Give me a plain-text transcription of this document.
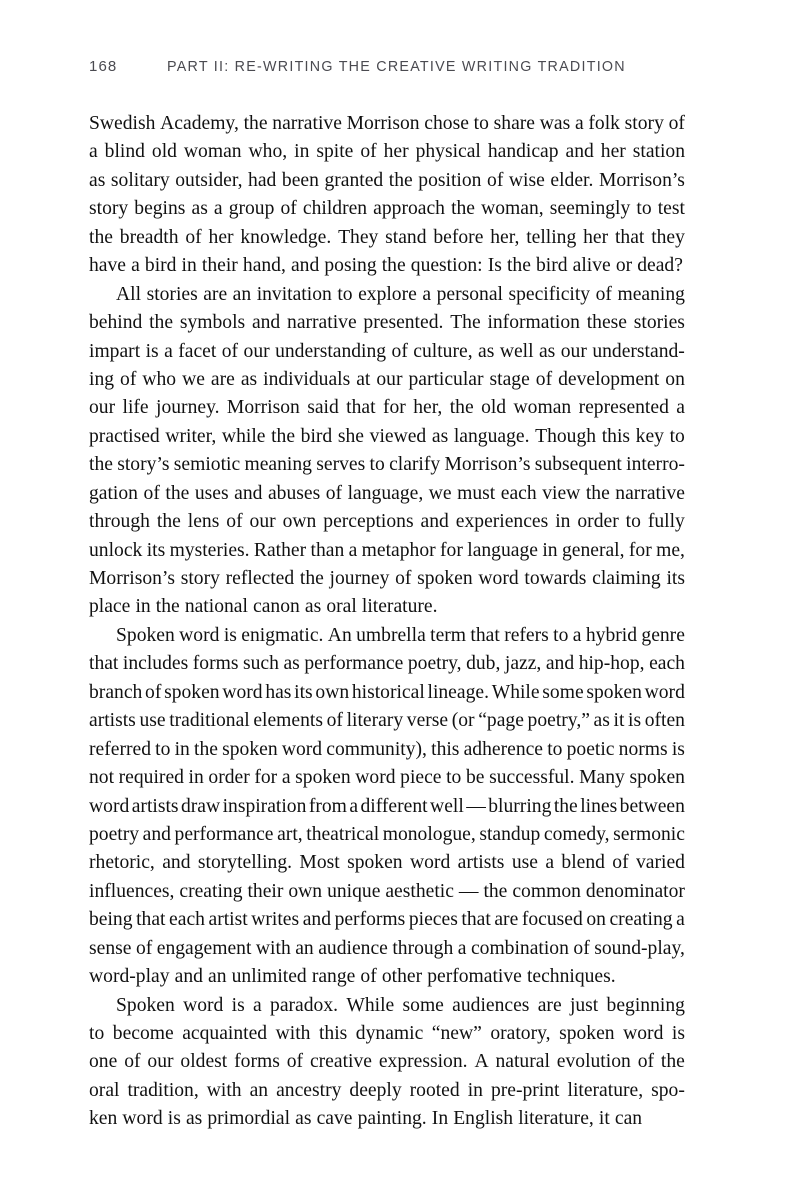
168	PART II: RE-WRITING THE CREATIVE WRITING TRADITION
Swedish Academy, the narrative Morrison chose to share was a folk story of
a blind old woman who, in spite of her physical handicap and her station
as solitary outsider, had been granted the position of wise elder. Morrison’s
story begins as a group of children approach the woman, seemingly to test
the breadth of her knowledge. They stand before her, telling her that they
have a bird in their hand, and posing the question: Is the bird alive or dead?
All stories are an invitation to explore a personal specificity of meaning
behind the symbols and narrative presented. The information these stories
impart is a facet of our understanding of culture, as well as our understand-
ing of who we are as individuals at our particular stage of development on
our life journey. Morrison said that for her, the old woman represented a
practised writer, while the bird she viewed as language. Though this key to
the story’s semiotic meaning serves to clarify Morrison’s subsequent interro-
gation of the uses and abuses of language, we must each view the narrative
through the lens of our own perceptions and experiences in order to fully
unlock its mysteries. Rather than a metaphor for language in general, for me,
Morrison’s story reflected the journey of spoken word towards claiming its
place in the national canon as oral literature.
Spoken word is enigmatic. An umbrella term that refers to a hybrid genre
that includes forms such as performance poetry, dub, jazz, and hip-hop, each
branch of spoken word has its own historical lineage. While some spoken word
artists use traditional elements of literary verse (or “page poetry,” as it is often
referred to in the spoken word community), this adherence to poetic norms is
not required in order for a spoken word piece to be successful. Many spoken
word artists draw inspiration from a different well — blurring the lines between
poetry and performance art, theatrical monologue, standup comedy, sermonic
rhetoric, and storytelling. Most spoken word artists use a blend of varied
influences, creating their own unique aesthetic — the common denominator
being that each artist writes and performs pieces that are focused on creating a
sense of engagement with an audience through a combination of sound-play,
word-play and an unlimited range of other perfomative techniques.
Spoken word is a paradox. While some audiences are just beginning
to become acquainted with this dynamic “new” oratory, spoken word is
one of our oldest forms of creative expression. A natural evolution of the
oral tradition, with an ancestry deeply rooted in pre-print literature, spo-
ken word is as primordial as cave painting. In English literature, it can
